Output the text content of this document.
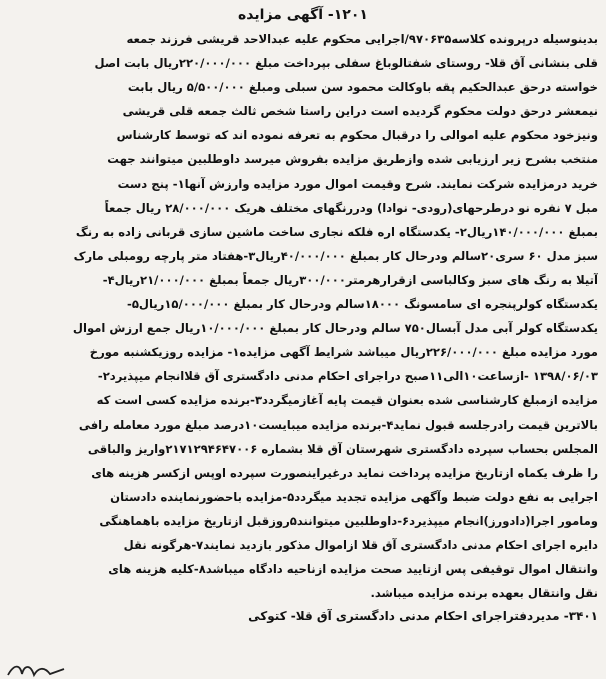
۱۲۰۱- آگهی مزایده
بدینوسیله درپرونده کلاسه۹۷۰۶۳۵/اجرایی محکوم علیه عبدالاحد قریشی فرزند جمعه
قلی بنشانی آق قلا- روستای شفتالوباغ سفلی بپرداخت مبلغ ۲۲۰/۰۰۰/۰۰۰ریال بابت اصل
خواسته درحق عبدالحکیم پقه باوکالت محمود سن سبلی ومبلغ ۵/۵۰۰/۰۰۰ ریال بابت
نیمعشر درحق دولت محکوم گردیده است دراین راستا شخص ثالث جمعه قلی قریشی
ونیزخود محکوم علیه اموالی را درقبال محکوم به تعرفه نموده اند که توسط کارشناس
منتخب بشرح زیر ارزیابی شده وازطریق مزایده بفروش میرسد داوطلبین میتوانند جهت
خرید درمزایده شرکت نمایند. شرح وقیمت اموال مورد مزایده وارزش آنها۱- پنج دست
مبل ۷ نفره نو درطرحهای(رودی- نوادا) ودررنگهای مختلف هریک ۲۸/۰۰۰/۰۰۰ ریال جمعاً
بمبلغ ۱۴۰/۰۰۰/۰۰۰ریال۲- یکدستگاه اره فلکه نجاری ساخت ماشین سازی قربانی زاده به رنگ
سبز مدل ۶۰ سری۲۰سالم ودرحال کار بمبلغ ۴۰/۰۰۰/۰۰۰ریال۳-هفتاد متر پارچه رومبلی مارک
آتیلا به رنگ های سبز وکالباسی ازقرارهرمتر۳۰۰/۰۰۰ریال جمعاً بمبلغ ۲۱/۰۰۰/۰۰۰ریال۴-
یکدستگاه کولرپنجره ای سامسونگ ۱۸۰۰۰سالم ودرحال کار بمبلغ ۱۵/۰۰۰/۰۰۰ریال۵-
یکدستگاه کولر آبی مدل آبسال۷۵۰ سالم ودرحال کار بمبلغ ۱۰/۰۰۰/۰۰۰ریال جمع ارزش اموال
مورد مزایده مبلغ ۲۲۶/۰۰۰/۰۰۰ریال میباشد شرایط آگهی مزایده۱- مزایده روزیکشنبه مورخ
۱۳۹۸/۰۶/۰۳ -ازساعت۱۰الی۱۱صبح دراجرای احکام مدنی دادگستری آق قلاانجام میپذیرد۲-
مزایده ازمبلغ کارشناسی شده بعنوان قیمت پایه آغازمیگردد۳-برنده مزایده کسی است که
بالاترین قیمت رادرجلسه قبول نماید۴-برنده مزایده میبایست۱۰درصد مبلغ مورد معامله رافی
المجلس بحساب سپرده دادگستری شهرستان آق قلا بشماره ۲۱۷۱۲۹۴۶۴۷۰۰۶واریز والباقی
را ظرف یکماه ازتاریخ مزایده پرداخت نماید درغیراینصورت سپرده اوپس ازکسر هزینه های
اجرایی به نفع دولت ضبط وآگهی مزایده تجدید میگردد۵-مزایده باحضورنماینده دادستان
ومامور اجرا(دادورز)انجام میپذیرد۶-داوطلبین میتوانند۵روزقبل ازتاریخ مزایده باهماهنگی
دایره اجرای احکام مدنی دادگستری آق قلا ازاموال مذکور بازدید نمایند۷-هرگونه نقل
وانتقال اموال توقیفی پس ازتایید صحت مزایده ازناحیه دادگاه میباشد۸-کلیه هزینه های
نقل وانتقال بعهده برنده مزایده میباشد.
۳۴۰۱- مدیردفتراجرای احکام مدنی دادگستری آق قلا- کتوکی
